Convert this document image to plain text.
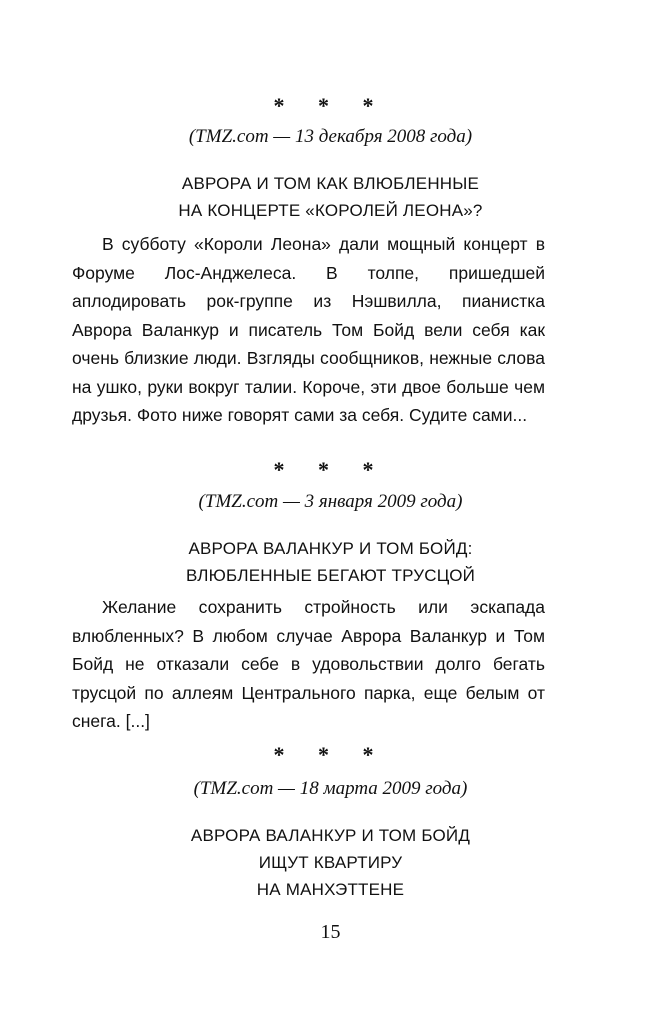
* * *
(TMZ.com — 13 декабря 2008 года)
АВРОРА И ТОМ КАК ВЛЮБЛЕННЫЕ
НА КОНЦЕРТЕ «КОРОЛЕЙ ЛЕОНА»?

В субботу «Короли Леона» дали мощный концерт в Форуме Лос-Анджелеса. В толпе, пришедшей аплодировать рок-группе из Нэшвилла, пианистка Аврора Валанкур и писатель Том Бойд вели себя как очень близкие люди. Взгляды сообщников, нежные слова на ушко, руки вокруг талии. Короче, эти двое больше чем друзья. Фото ниже говорят сами за себя. Судите сами...

* * *
(TMZ.com — 3 января 2009 года)
АВРОРА ВАЛАНКУР И ТОМ БОЙД:
ВЛЮБЛЕННЫЕ БЕГАЮТ ТРУСЦОЙ

Желание сохранить стройность или эскапада влюбленных? В любом случае Аврора Валанкур и Том Бойд не отказали себе в удовольствии долго бегать трусцой по аллеям Центрального парка, еще белым от снега. [...]

* * *
(TMZ.com — 18 марта 2009 года)
АВРОРА ВАЛАНКУР И ТОМ БОЙД
ИЩУТ КВАРТИРУ
НА МАНХЭТТЕНЕ
15
